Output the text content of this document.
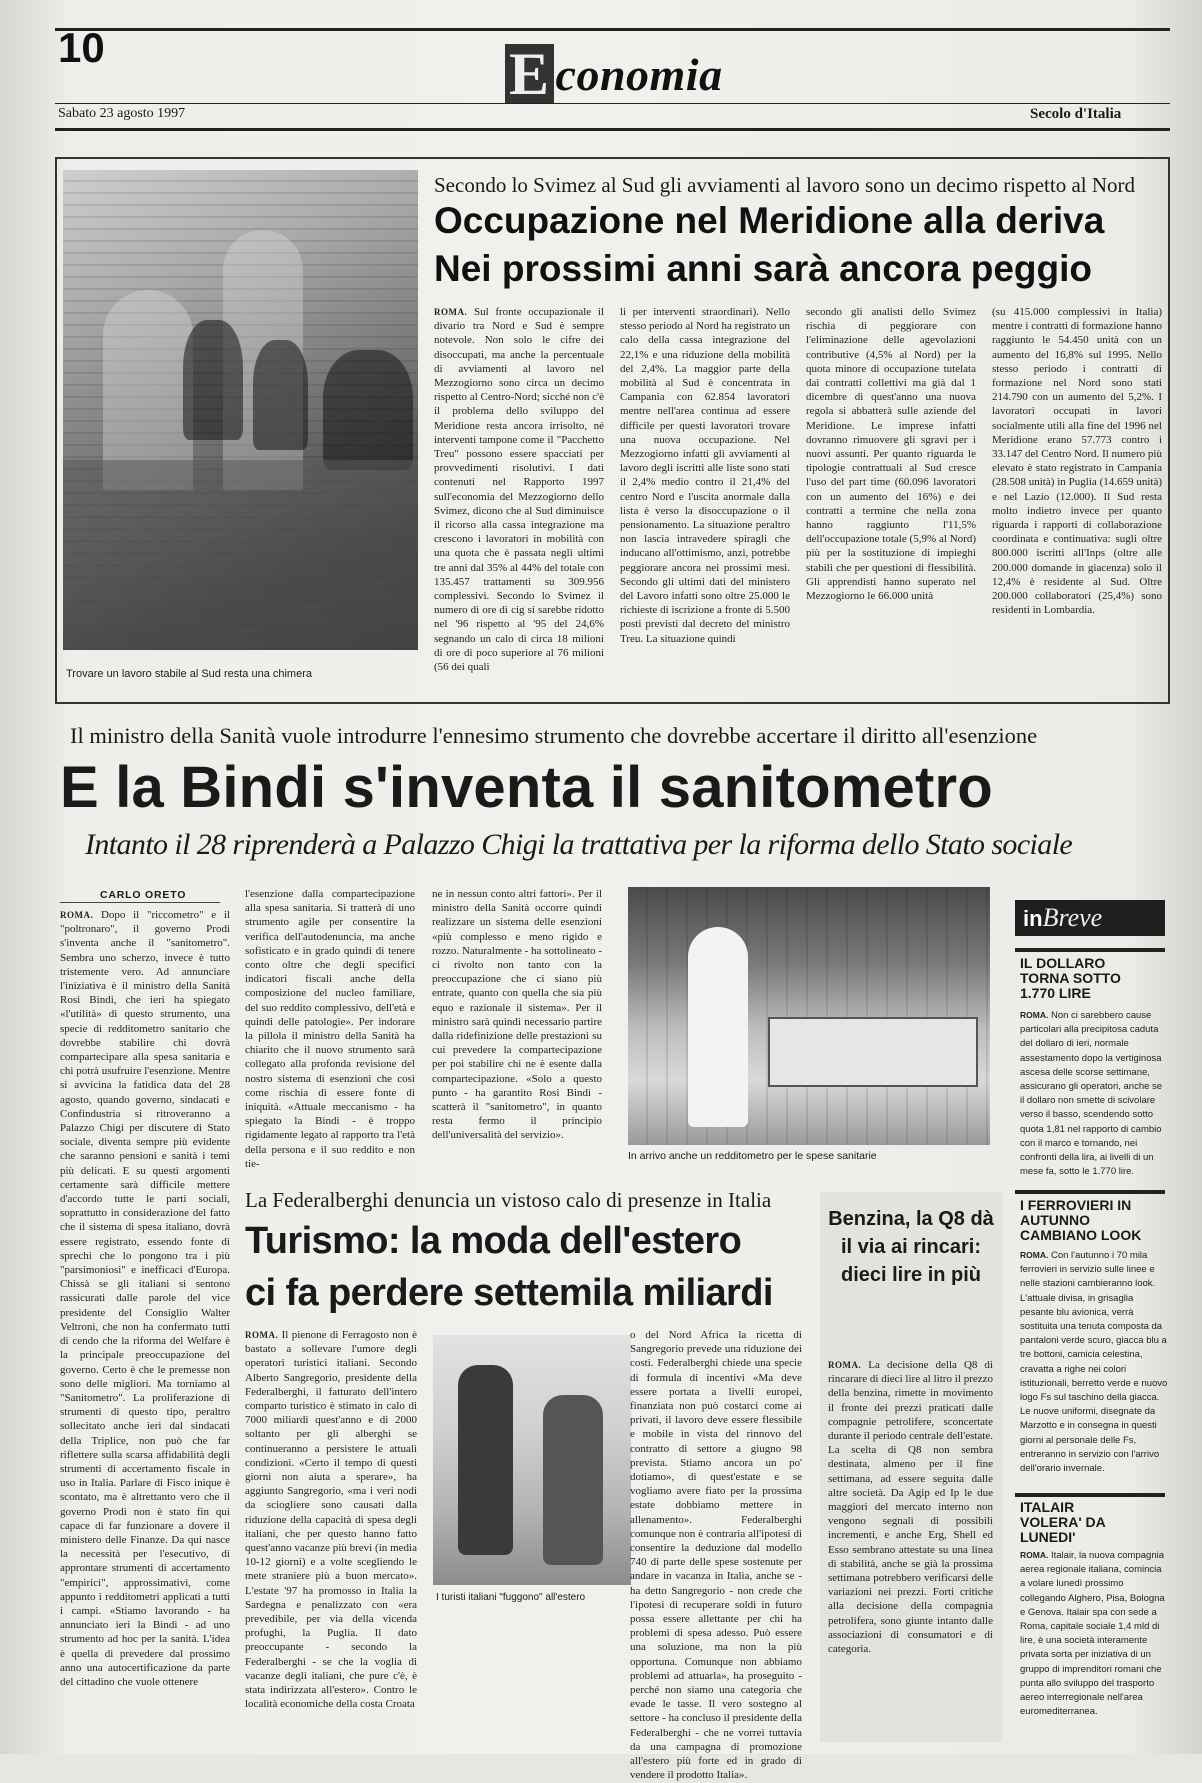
10	E conomia
Sabato 23 agosto 1997	Secolo d'Italia
Trovare un lavoro stabile al Sud resta una chimera
Secondo lo Svimez al Sud gli avviamenti al lavoro sono un decimo rispetto al Nord
Occupazione nel Meridione alla deriva
Nei prossimi anni sarà ancora peggio
ROMA. Sul fronte occupazionale il divario tra Nord e Sud è sempre notevole. Non solo le cifre dei disoccupati, ma anche la percentuale di avviamenti al lavoro nel Mezzogiorno sono circa un decimo rispetto al Centro-Nord; sicché non c'è il problema dello sviluppo del Meridione resta ancora irrisolto, né interventi tampone come il "Pacchetto Treu" possono essere spacciati per provvedimenti risolutivi. I dati contenuti nel Rapporto 1997 sull'economia del Mezzogiorno dello Svimez, dicono che al Sud diminuisce il ricorso alla cassa integrazione ma crescono i lavoratori in mobilità con una quota che è passata negli ultimi tre anni dal 35% al 44% del totale con 135.457 trattamenti su 309.956 complessivi. Secondo lo Svimez il numero di ore di cig si sarebbe ridotto nel '96 rispetto al '95 del 24,6% segnando un calo di circa 18 milioni di ore di poco superiore al 76 milioni (56 dei quali
li per interventi straordinari). Nello stesso periodo al Nord ha registrato un calo della cassa integrazione del 22,1% e una riduzione della mobilità del 2,4%. La maggior parte della mobilità al Sud è concentrata in Campania con 62.854 lavoratori mentre nell'area continua ad essere difficile per questi lavoratori trovare una nuova occupazione. Nel Mezzogiorno infatti gli avviamenti al lavoro degli iscritti alle liste sono stati il 2,4% medio contro il 21,4% del centro Nord e l'uscita anormale dalla lista è verso la disoccupazione o il pensionamento. La situazione peraltro non lascia intravedere spiragli che inducano all'ottimismo, anzi, potrebbe peggiorare ancora nei prossimi mesi. Secondo gli ultimi dati del ministero del Lavoro infatti sono oltre 25.000 le richieste di iscrizione a fronte di 5.500 posti previsti dal decreto del ministro Treu. La situazione quindi
secondo gli analisti dello Svimez rischia di peggiorare con l'eliminazione delle agevolazioni contributive (4,5% al Nord) per la quota minore di occupazione tutelata dai contratti collettivi ma già dal 1 dicembre di quest'anno una nuova regola si abbatterà sulle aziende del Meridione. Le imprese infatti dovranno rimuovere gli sgravi per i nuovi assunti. Per quanto riguarda le tipologie contrattuali al Sud cresce l'uso del part time (60.096 lavoratori con un aumento del 16%) e dei contratti a termine che nella zona hanno raggiunto l'11,5% dell'occupazione totale (5,9% al Nord) più per la sostituzione di impieghi stabili che per questioni di flessibilità. Gli apprendisti hanno superato nel Mezzogiorno le 66.000 unità
(su 415.000 complessivi in Italia) mentre i contratti di formazione hanno raggiunto le 54.450 unità con un aumento del 16,8% sul 1995. Nello stesso periodo i contratti di formazione nel Nord sono stati 214.790 con un aumento del 5,2%. I lavoratori occupati in lavori socialmente utili alla fine del 1996 nel Meridione erano 57.773 contro i 33.147 del Centro Nord. Il numero più elevato è stato registrato in Campania (28.508 unità) in Puglia (14.659 unità) e nel Lazio (12.000). Il Sud resta molto indietro invece per quanto riguarda i rapporti di collaborazione coordinata e continuativa: sugli oltre 800.000 iscritti all'Inps (oltre alle 200.000 domande in giacenza) solo il 12,4% è residente al Sud. Oltre 200.000 collaboratori (25,4%) sono residenti in Lombardia.
Il ministro della Sanità vuole introdurre l'ennesimo strumento che dovrebbe accertare il diritto all'esenzione
E la Bindi s'inventa il sanitometro
Intanto il 28 riprenderà a Palazzo Chigi la trattativa per la riforma dello Stato sociale
CARLO ORETO
ROMA. Dopo il "riccometro" e il "poltronaro", il governo Prodi s'inventa anche il "sanitometro". Sembra uno scherzo, invece è tutto tristemente vero. Ad annunciare l'iniziativa è il ministro della Sanità Rosi Bindi, che ieri ha spiegato «l'utilità» di questo strumento, una specie di redditometro sanitario che dovrebbe stabilire chi dovrà compartecipare alla spesa sanitaria e chi potrà usufruire l'esenzione. Mentre si avvicina la fatidica data del 28 agosto, quando governo, sindacati e Confindustria si ritroveranno a Palazzo Chigi per discutere di Stato sociale, diventa sempre più evidente che saranno pensioni e sanità i temi più delicati. E su questi argomenti certamente sarà difficile mettere d'accordo tutte le parti sociali, soprattutto in considerazione del fatto che il sistema di spesa italiano, dovrà essere registrato, essendo fonte di sprechi che lo pongono tra i più "parsimoniosi" e inefficaci d'Europa. Chissà se gli italiani si sentono rassicurati dalle parole del vice presidente del Consiglio Walter Veltroni, che non ha confermato tutti di cendo che la riforma del Welfare è la principale preoccupazione del governo. Certo è che le premesse non sono delle migliori. Ma torniamo al "Sanitometro". La proliferazione di strumenti di questo tipo, peraltro sollecitato anche ieri dal sindacati della Triplice, non può che far riflettere sulla scarsa affidabilità degli strumenti di accertamento fiscale in uso in Italia. Parlare di Fisco inique è scontato, ma è altrettanto vero che il governo Prodi non è stato fin qui capace di far funzionare a dovere il ministero delle Finanze. Da qui nasce la necessità per l'esecutivo, di approntare strumenti di accertamento "empirici", approssimativi, come appunto i redditometri applicati a tutti i campi. «Stiamo lavorando - ha annunciato ieri la Bindi - ad uno strumento ad hoc per la sanità. L'idea è quella di prevedere dal prossimo anno una autocertificazione da parte del cittadino che vuole ottenere
l'esenzione dalla compartecipazione alla spesa sanitaria. Si tratterà di uno strumento agile per consentire la verifica dell'autodenuncia, ma anche sofisticato e in grado quindi di tenere conto oltre che degli specifici indicatori fiscali anche della composizione del nucleo familiare, del suo reddito complessivo, dell'età e quindi delle patologie». Per indorare la pillola il ministro della Sanità ha chiarito che il nuovo strumento sarà collegato alla profonda revisione del nostro sistema di esenzioni che così come rischia di essere fonte di iniquità. «Attuale meccanismo - ha spiegato la Bindi - è troppo rigidamente legato al rapporto tra l'età della persona e il suo reddito e non tie-
ne in nessun conto altri fattori». Per il ministro della Sanità occorre quindi realizzare un sistema delle esenzioni «più complesso e meno rigido e rozzo. Naturalmente - ha sottolineato - ci rivolto non tanto con la preoccupazione che ci siano più entrate, quanto con quella che sia più equo e razionale il sistema». Per il ministro sarà quindi necessario partire dalla ridefinizione delle prestazioni su cui prevedere la compartecipazione per poi stabilire chi ne è esente dalla compartecipazione. «Solo a questo punto - ha garantito Rosi Bindi - scatterà il "sanitometro", in quanto resta fermo il principio dell'universalità del servizio».
In arrivo anche un redditometro per le spese sanitarie
inBreve
IL DOLLARO TORNA SOTTO 1.770 LIRE
ROMA. Non ci sarebbero cause particolari alla precipitosa caduta del dollaro di ieri, normale assestamento dopo la vertiginosa ascesa delle scorse settimane, assicurano gli operatori, anche se il dollaro non smette di scivolare verso il basso, scendendo sotto quota 1,81 nel rapporto di cambio con il marco e tornando, nei confronti della lira, ai livelli di un mese fa, sotto le 1.770 lire.
I FERROVIERI IN AUTUNNO CAMBIANO LOOK
ROMA. Con l'autunno i 70 mila ferrovieri in servizio sulle linee e nelle stazioni cambieranno look. L'attuale divisa, in grisaglia pesante blu avionica, verrà sostituita una tenuta composta da pantaloni verde scuro, giacca blu a tre bottoni, camicia celestina, cravatta a righe nei colori istituzionali, berretto verde e nuovo logo Fs sul taschino della giacca. Le nuove uniformi, disegnate da Marzotto e in consegna in questi giorni al personale delle Fs, entreranno in servizio con l'arrivo dell'orario invernale.
ITALAIR VOLERA' DA LUNEDI'
ROMA. Italair, la nuova compagnia aerea regionale italiana, comincia a volare lunedì prossimo collegando Alghero, Pisa, Bologna e Genova. Italair spa con sede a Roma, capitale sociale 1,4 mld di lire, è una società interamente privata sorta per iniziativa di un gruppo di imprenditori romani che punta allo sviluppo del trasporto aereo interregionale nell'area euromediterranea.
La Federalberghi denuncia un vistoso calo di presenze in Italia
Turismo: la moda dell'estero
ci fa perdere settemila miliardi
ROMA. Il pienone di Ferragosto non è bastato a sollevare l'umore degli operatori turistici italiani. Secondo Alberto Sangregorio, presidente della Federalberghi, il fatturato dell'intero comparto turistico è stimato in calo di 7000 miliardi quest'anno e di 2000 soltanto per gli alberghi se continueranno a persistere le attuali condizioni. «Certo il tempo di questi giorni non aiuta a sperare», ha aggiunto Sangregorio, «ma i veri nodi da sciogliere sono causati dalla riduzione della capacità di spesa degli italiani, che per questo hanno fatto quest'anno vacanze più brevi (in media 10-12 giorni) e a volte scegliendo le mete straniere più a buon mercato». L'estate '97 ha promosso in Italia la Sardegna e penalizzato con «era prevedibile, per via della vicenda profughi, la Puglia. Il dato preoccupante - secondo la Federalberghi - se che la voglia di vacanze degli italiani, che pure c'è, è stata indirizzata all'estero». Contro le località economiche della costa Croata
I turisti italiani "fuggono" all'estero
o del Nord Africa la ricetta di Sangregorio prevede una riduzione dei costi. Federalberghi chiede una specie di formula di incentivi «Ma deve essere portata a livelli europei, finanziata non può costarci come ai privati, il lavoro deve essere flessibile e mobile in vista del rinnovo del contratto di settore a giugno 98 prevista. Stiamo ancora un po' dotiamo», di quest'estate e se vogliamo avere fiato per la prossima estate dobbiamo mettere in allenamento». Federalberghi comunque non è contraria all'ipotesi di consentire la deduzione dal modello 740 di parte delle spese sostenute per andare in vacanza in Italia, anche se - ha detto Sangregorio - non crede che l'ipotesi di recuperare soldi in futuro possa essere allettante per chi ha problemi di spesa adesso. Può essere una soluzione, ma non la più opportuna. Comunque non abbiamo problemi ad attuarla», ha proseguito - perché non siamo una categoria che evade le tasse. Il vero sostegno al settore - ha concluso il presidente della Federalberghi - che ne vorrei tuttavia da una campagna di promozione all'estero più forte ed in grado di vendere il prodotto Italia».
Benzina, la Q8 dà il via ai rincari: dieci lire in più
ROMA. La decisione della Q8 di rincarare di dieci lire al litro il prezzo della benzina, rimette in movimento il fronte dei prezzi praticati dalle compagnie petrolifere, sconcertate durante il periodo centrale dell'estate. La scelta di Q8 non sembra destinata, almeno per il fine settimana, ad essere seguita dalle altre società. Da Agip ed Ip le due maggiori del mercato interno non vengono segnali di possibili incrementi, e anche Erg, Shell ed Esso sembrano attestate su una linea di stabilità, anche se già la prossima settimana potrebbero verificarsi delle variazioni nei prezzi. Forti critiche alla decisione della compagnia petrolifera, sono giunte intanto dalle associazioni di consumatori e di categoria.
